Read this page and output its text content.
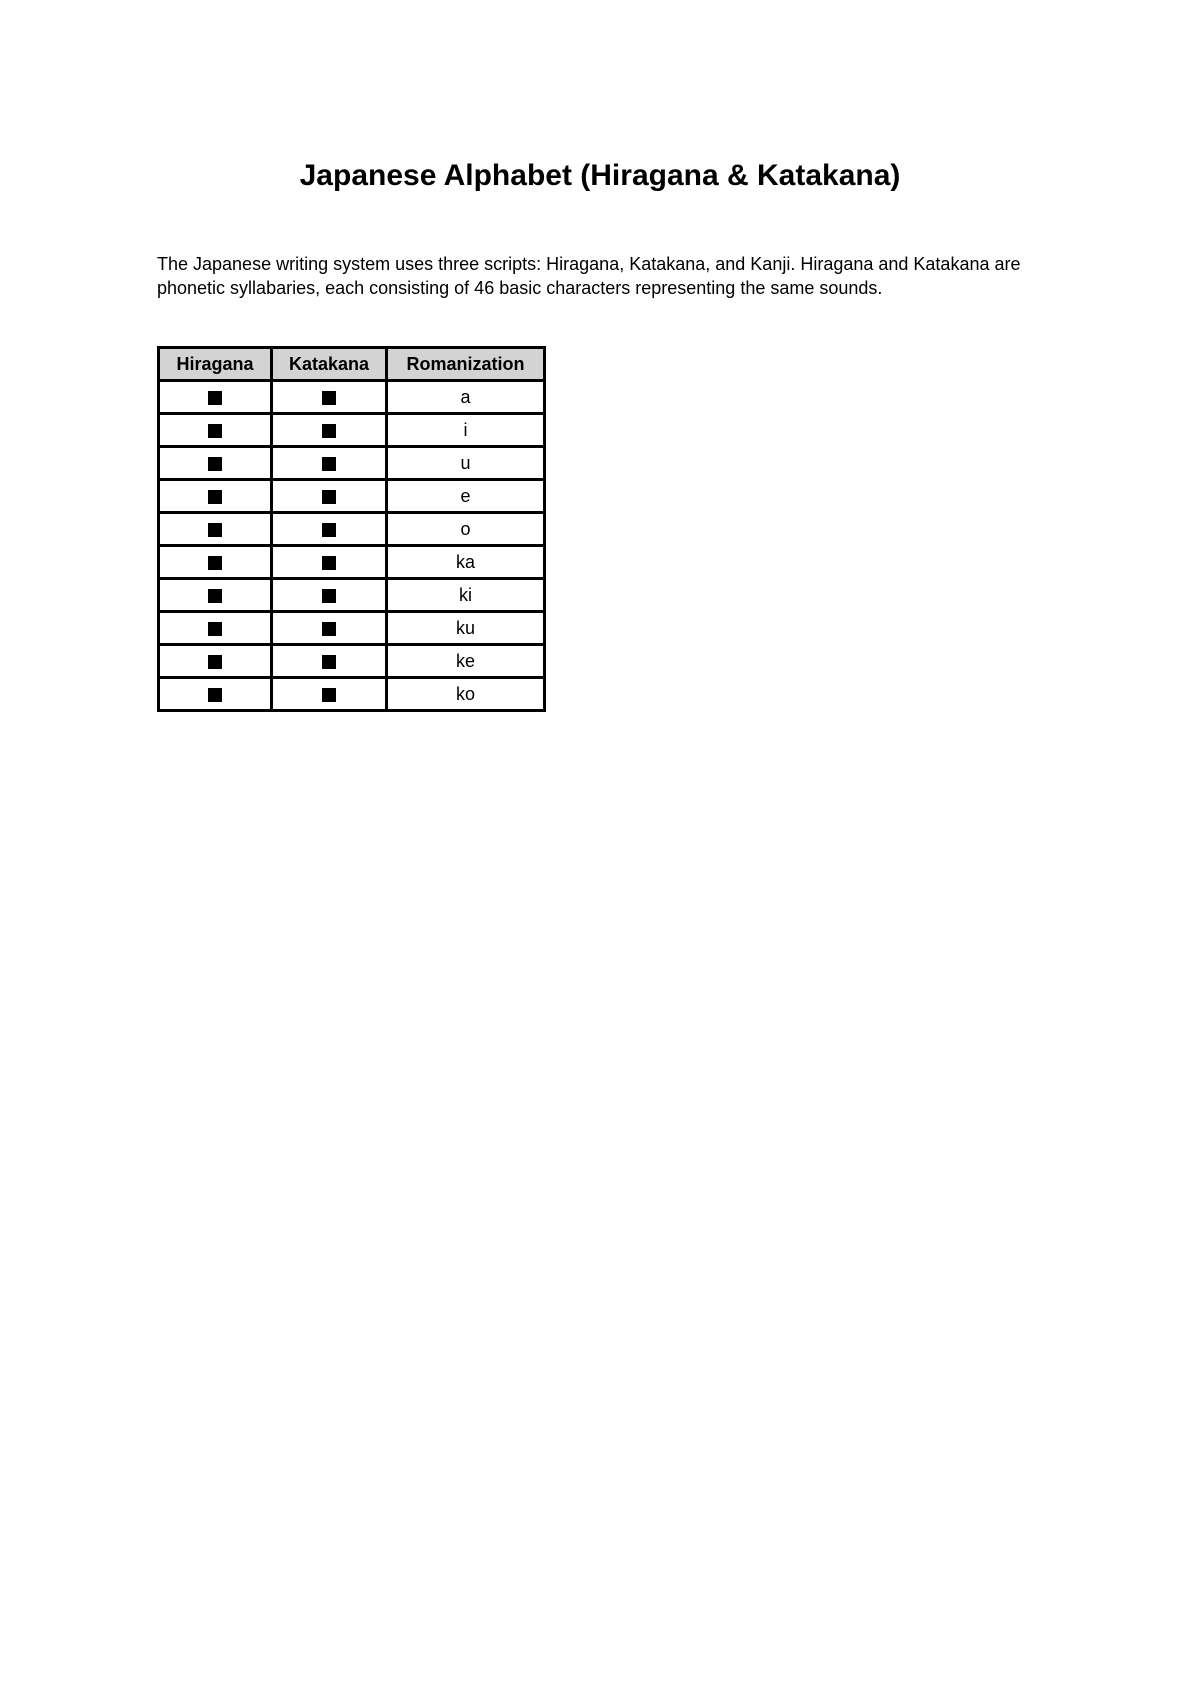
Japanese Alphabet (Hiragana & Katakana)

The Japanese writing system uses three scripts: Hiragana, Katakana, and Kanji. Hiragana and Katakana are phonetic syllabaries, each consisting of 46 basic characters representing the same sounds.

Hiragana	Katakana	Romanization
		a
		i
		u
		e
		o
		ka
		ki
		ku
		ke
		ko
